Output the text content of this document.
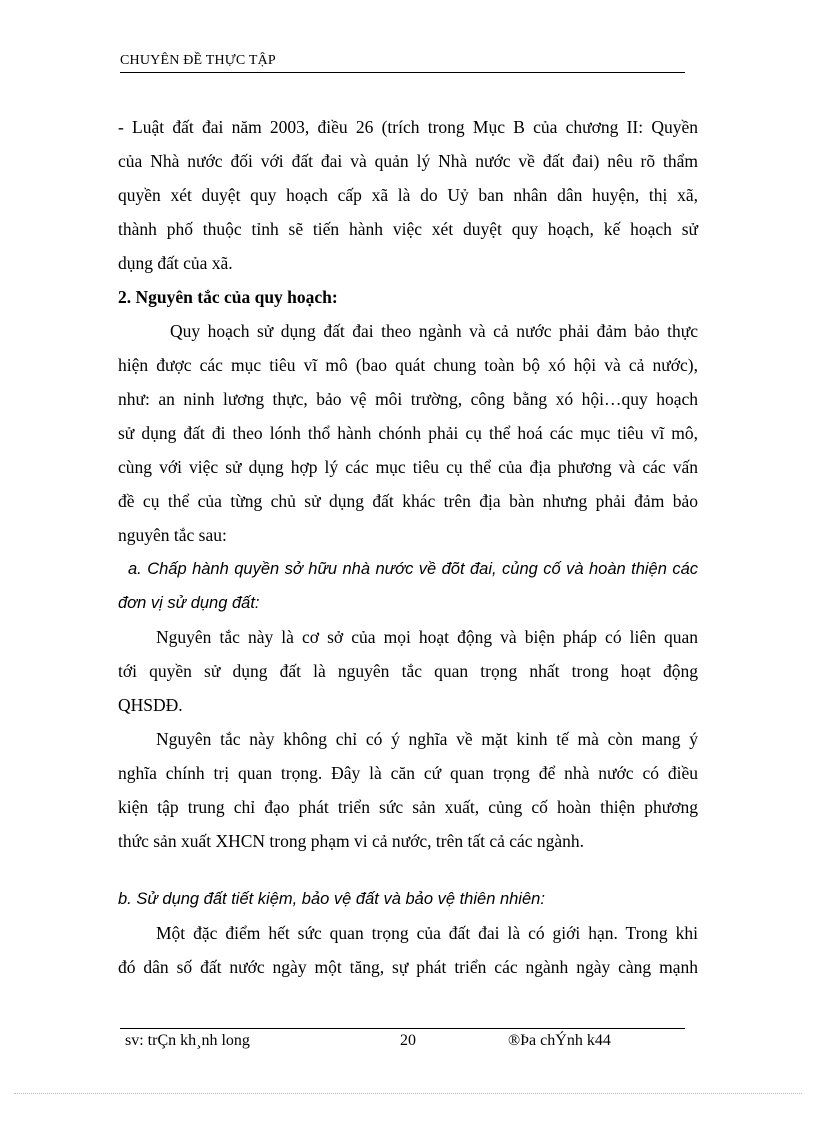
CHUYÊN ĐỀ THỰC TẬP
- Luật đất đai năm 2003, điều 26 (trích trong Mục B của chương II: Quyền
của Nhà nước đối với đất đai và quản lý Nhà nước về đất đai) nêu rõ thẩm
quyền xét duyệt quy hoạch cấp xã là do Uỷ ban nhân dân huyện, thị xã,
thành phố thuộc tỉnh sẽ tiến hành việc xét duyệt quy hoạch, kế hoạch sử
dụng đất của xã.
2. Nguyên tắc của quy hoạch:
Quy hoạch sử dụng đất đai theo ngành và cả nước phải đảm bảo thực
hiện được các mục tiêu vĩ mô (bao quát chung toàn bộ xó hội và cả nước),
như: an ninh lương thực, bảo vệ môi trường, công bằng xó hội…quy hoạch
sử dụng đất đi theo lónh thổ hành chónh phải cụ thể hoá các mục tiêu vĩ mô,
cùng với việc sử dụng hợp lý các mục tiêu cụ thể của địa phương và các vấn
đề cụ thể của từng chủ sử dụng đất khác trên địa bàn nhưng phải đảm bảo
nguyên tắc sau:
a. Chấp hành quyền sở hữu nhà nước về đõt đai, củng cố và hoàn thiện các
đơn vị sử dụng đất:
Nguyên tắc này là cơ sở của mọi hoạt động và biện pháp có liên quan
tới quyền sử dụng đất là nguyên tắc quan trọng nhất trong hoạt động
QHSDĐ.
Nguyên tắc này không chỉ có ý nghĩa về mặt kinh tế mà còn mang ý
nghĩa chính trị quan trọng. Đây là căn cứ quan trọng để nhà nước có điều
kiện tập trung chỉ đạo phát triển sức sản xuất, củng cố hoàn thiện phương
thức sản xuất XHCN trong phạm vi cả nước, trên tất cả các ngành.
b. Sử dụng đất tiết kiệm, bảo vệ đất và bảo vệ thiên nhiên:
Một đặc điểm hết sức quan trọng của đất đai là có giới hạn. Trong khi
đó dân số đất nước ngày một tăng, sự phát triển các ngành ngày càng mạnh
sv: trÇn kh¸nh long	20	®Þa chÝnh k44
